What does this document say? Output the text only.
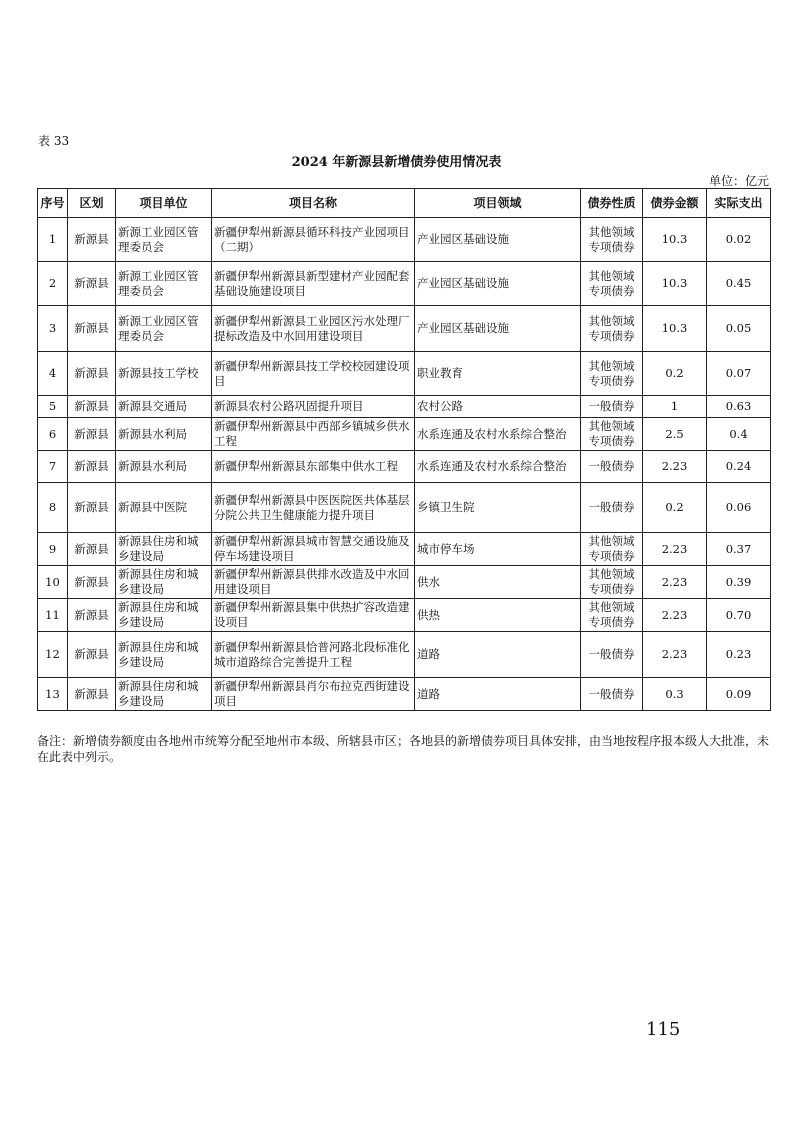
表 33
2024 年新源县新增债券使用情况表
单位：亿元
序号	区划	项目单位	项目名称	项目领域	债券性质	债券金额	实际支出
1	新源县	新源工业园区管理委员会	新疆伊犁州新源县循环科技产业园项目（二期）	产业园区基础设施	其他领域专项债券	10.3	0.02
2	新源县	新源工业园区管理委员会	新疆伊犁州新源县新型建材产业园配套基础设施建设项目	产业园区基础设施	其他领域专项债券	10.3	0.45
3	新源县	新源工业园区管理委员会	新疆伊犁州新源县工业园区污水处理厂提标改造及中水回用建设项目	产业园区基础设施	其他领域专项债券	10.3	0.05
4	新源县	新源县技工学校	新疆伊犁州新源县技工学校校园建设项目	职业教育	其他领域专项债券	0.2	0.07
5	新源县	新源县交通局	新源县农村公路巩固提升项目	农村公路	一般债券	1	0.63
6	新源县	新源县水利局	新疆伊犁州新源县中西部乡镇城乡供水工程	水系连通及农村水系综合整治	其他领域专项债券	2.5	0.4
7	新源县	新源县水利局	新疆伊犁州新源县东部集中供水工程	水系连通及农村水系综合整治	一般债券	2.23	0.24
8	新源县	新源县中医院	新疆伊犁州新源县中医医院医共体基层分院公共卫生健康能力提升项目	乡镇卫生院	一般债券	0.2	0.06
9	新源县	新源县住房和城乡建设局	新疆伊犁州新源县城市智慧交通设施及停车场建设项目	城市停车场	其他领域专项债券	2.23	0.37
10	新源县	新源县住房和城乡建设局	新疆伊犁州新源县供排水改造及中水回用建设项目	供水	其他领域专项债券	2.23	0.39
11	新源县	新源县住房和城乡建设局	新疆伊犁州新源县集中供热扩容改造建设项目	供热	其他领域专项债券	2.23	0.70
12	新源县	新源县住房和城乡建设局	新疆伊犁州新源县恰普河路北段标准化城市道路综合完善提升工程	道路	一般债券	2.23	0.23
13	新源县	新源县住房和城乡建设局	新疆伊犁州新源县肖尔布拉克西街建设项目	道路	一般债券	0.3	0.09
备注：新增债券额度由各地州市统筹分配至地州市本级、所辖县市区；各地县的新增债券项目具体安排，由当地按程序报本级人大批准，未在此表中列示。
115
